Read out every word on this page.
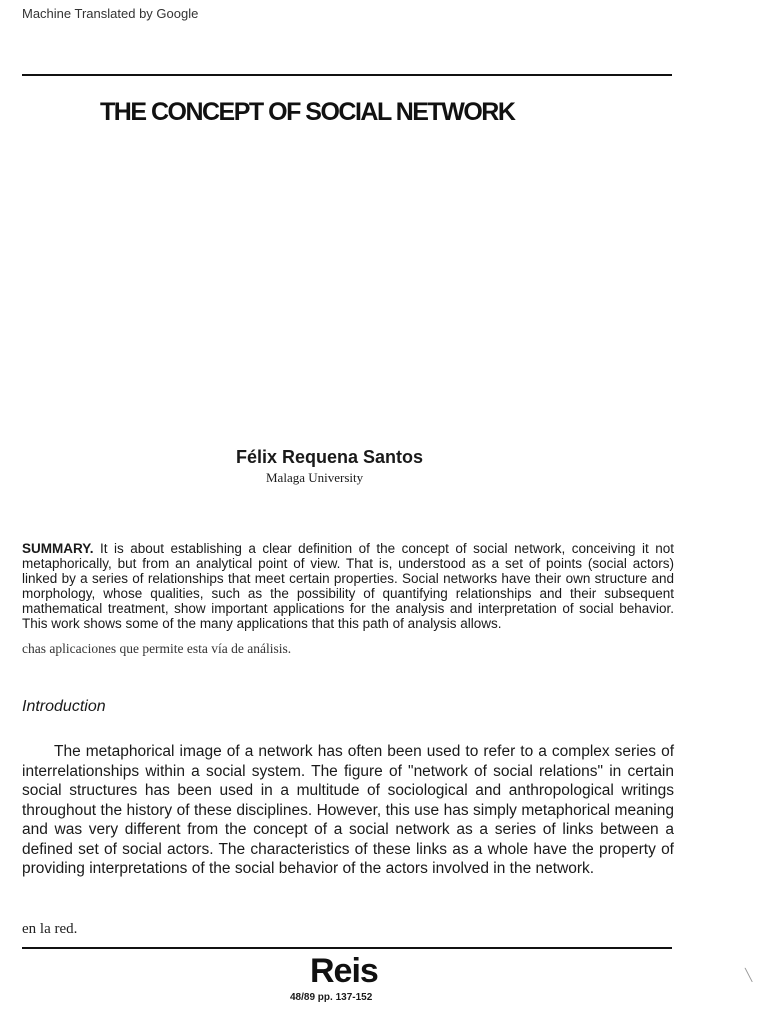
Machine Translated by Google
THE CONCEPT OF SOCIAL NETWORK
Félix Requena Santos
Malaga University
SUMMARY. It is about establishing a clear definition of the concept of social network, conceiving it not metaphorically, but from an analytical point of view. That is, understood as a set of points (social actors) linked by a series of relationships that meet certain properties. Social networks have their own structure and morphology, whose qualities, such as the possibility of quantifying relationships and their subsequent mathematical treatment, show important applications for the analysis and interpretation of social behavior. This work shows some of the many applications that this path of analysis allows.
chas aplicaciones que permite esta vía de análisis.
Introduction
The metaphorical image of a network has often been used to refer to a complex series of interrelationships within a social system. The figure of "network of social relations" in certain social structures has been used in a multitude of sociological and anthropological writings throughout the history of these disciplines. However, this use has simply metaphorical meaning and was very different from the concept of a social network as a series of links between a defined set of social actors. The characteristics of these links as a whole have the property of providing interpretations of the social behavior of the actors involved in the network.
en la red.
Reis
48/89 pp. 137-152
╲
